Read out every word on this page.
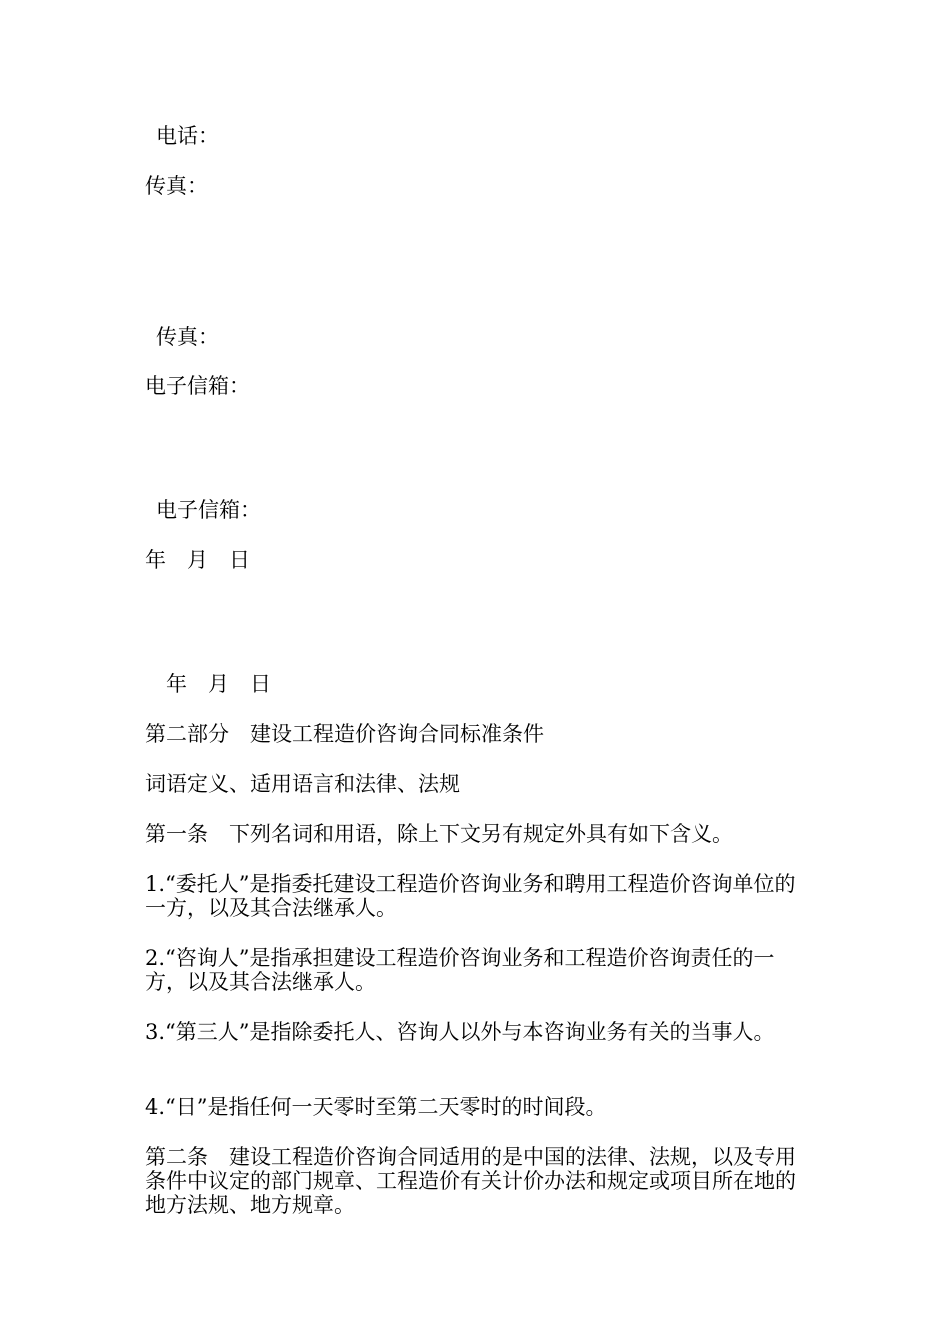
电话：

传真：

传真：

电子信箱：

电子信箱：

年　月　日

年　月　日

第二部分　建设工程造价咨询合同标准条件

词语定义、适用语言和法律、法规

第一条　下列名词和用语，除上下文另有规定外具有如下含义。

1.“委托人”是指委托建设工程造价咨询业务和聘用工程造价咨询单位的一方，以及其合法继承人。

2.“咨询人”是指承担建设工程造价咨询业务和工程造价咨询责任的一方，以及其合法继承人。

3.“第三人”是指除委托人、咨询人以外与本咨询业务有关的当事人。

4.“日”是指任何一天零时至第二天零时的时间段。

第二条　建设工程造价咨询合同适用的是中国的法律、法规，以及专用条件中议定的部门规章、工程造价有关计价办法和规定或项目所在地的地方法规、地方规章。
